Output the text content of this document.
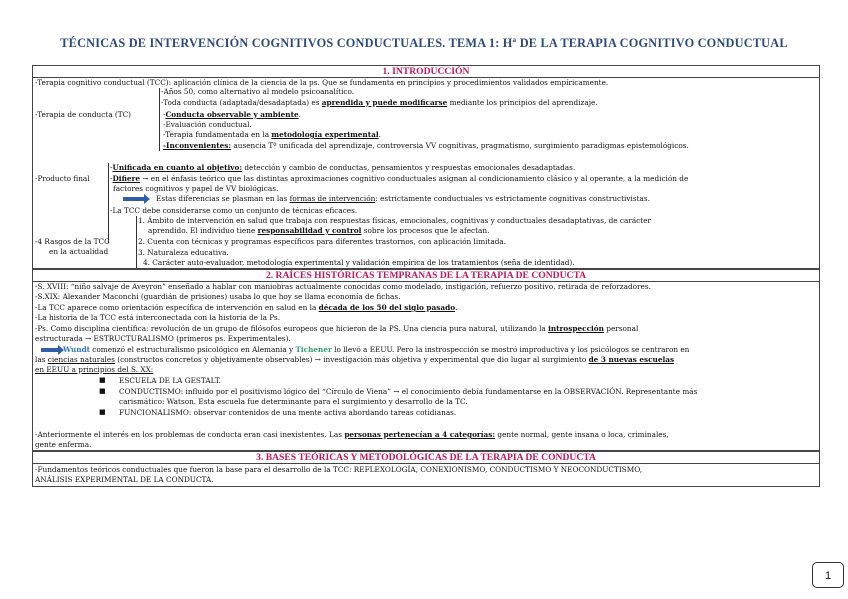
TÉCNICAS DE INTERVENCIÓN COGNITIVOS CONDUCTUALES. TEMA 1: Hª DE LA TERAPIA COGNITIVO CONDUCTUAL
1. INTRODUCCIÓN
-Terapia cognitivo conductual (TCC): aplicación clínica de la ciencia de la ps. Que se fundamenta en principios y procedimientos validados empíricamente.
-Años 50, como alternativo al modelo psicoanalítico.
-Toda conducta (adaptada/desadaptada) es aprendida y puede modificarse mediante los principios del aprendizaje.
-Terapia de conducta (TC)	-Conducta observable y ambiente.
-Evaluación conductual.
-Terapia fundamentada en la metodología experimental.
-Inconvenientes: ausencia Tª unificada del aprendizaje, controversia VV cognitivas, pragmatismo, surgimiento paradigmas epistemológicos.
-Unificada en cuanto al objetivo: detección y cambio de conductas, pensamientos y respuestas emocionales desadaptadas.
-Producto final	-Difiere → en el énfasis teórico que las distintas aproximaciones cognitivo conductuales asignan al condicionamiento clásico y al operante, a la medición de
factores cognitivos y papel de VV biológicas.
Estas diferencias se plasman en las formas de intervención: estrictamente conductuales vs estrictamente cognitivas constructivistas.
-La TCC debe considerarse como un conjunto de técnicas eficaces.
1. Ámbito de intervención en salud que trabaja con respuestas físicas, emocionales, cognitivas y conductuales desadaptativas, de carácter
aprendido. El individuo tiene responsabilidad y control sobre los procesos que le afectan.
-4 Rasgos de la TCC
en la actualidad
2. Cuenta con técnicas y programas específicos para diferentes trastornos, con aplicación limitada.
3. Naturaleza educativa.
4. Carácter auto-evaluador, metodología experimental y validación empírica de los tratamientos (seña de identidad).
2. RAÍCES HISTÓRICAS TEMPRANAS DE LA TERAPIA DE CONDUCTA
-S. XVIII: “niño salvaje de Aveyron” enseñado a hablar con maniobras actualmente conocidas como modelado, instigación, refuerzo positivo, retirada de reforzadores.
-S.XIX: Alexander Maconchi (guardián de prisiones) usaba lo que hoy se llama economía de fichas.
-La TCC aparece como orientación específica de intervención en salud en la década de los 50 del siglo pasado.
-La historia de la TCC está interconectada con la historia de la Ps.
-Ps. Como disciplina científica: revolución de un grupo de filósofos europeos que hicieron de la PS. Una ciencia pura natural, utilizando la introspección personal
estructurada → ESTRUCTURALISMO (primeros ps. Experimentales).
Wundt comenzó el estructuralismo psicológico en Alemania y Tichener lo llevó a EEUU. Pero la instrospección se mostró improductiva y los psicólogos se centraron en
las ciencias naturales (constructos concretos y objetivamente observables) → investigación más objetiva y experimental que dio lugar al surgimiento de 3 nuevas escuelas
en EEUU a principios del S. XX:
■ ESCUELA DE LA GESTALT.
■ CONDUCTISMO: influido por el positivismo lógico del “Círculo de Viena” → el conocimiento debía fundamentarse en la OBSERVACIÓN. Representante más
carismático: Watson. Esta escuela fue determinante para el surgimiento y desarrollo de la TC.
■ FUNCIONALISMO: observar contenidos de una mente activa abordando tareas cotidianas.
-Anteriormente el interés en los problemas de conducta eran casi inexistentes. Las personas pertenecían a 4 categorías: gente normal, gente insana o loca, criminales,
gente enferma.
3. BASES TEÓRICAS Y METODOLÓGICAS DE LA TERAPIA DE CONDUCTA
-Fundamentos teóricos conductuales que fueron la base para el desarrollo de la TCC: REFLEXOLOGÍA, CONEXIONISMO, CONDUCTISMO Y NEOCONDUCTISMO,
ANÁLISIS EXPERIMENTAL DE LA CONDUCTA.
1
